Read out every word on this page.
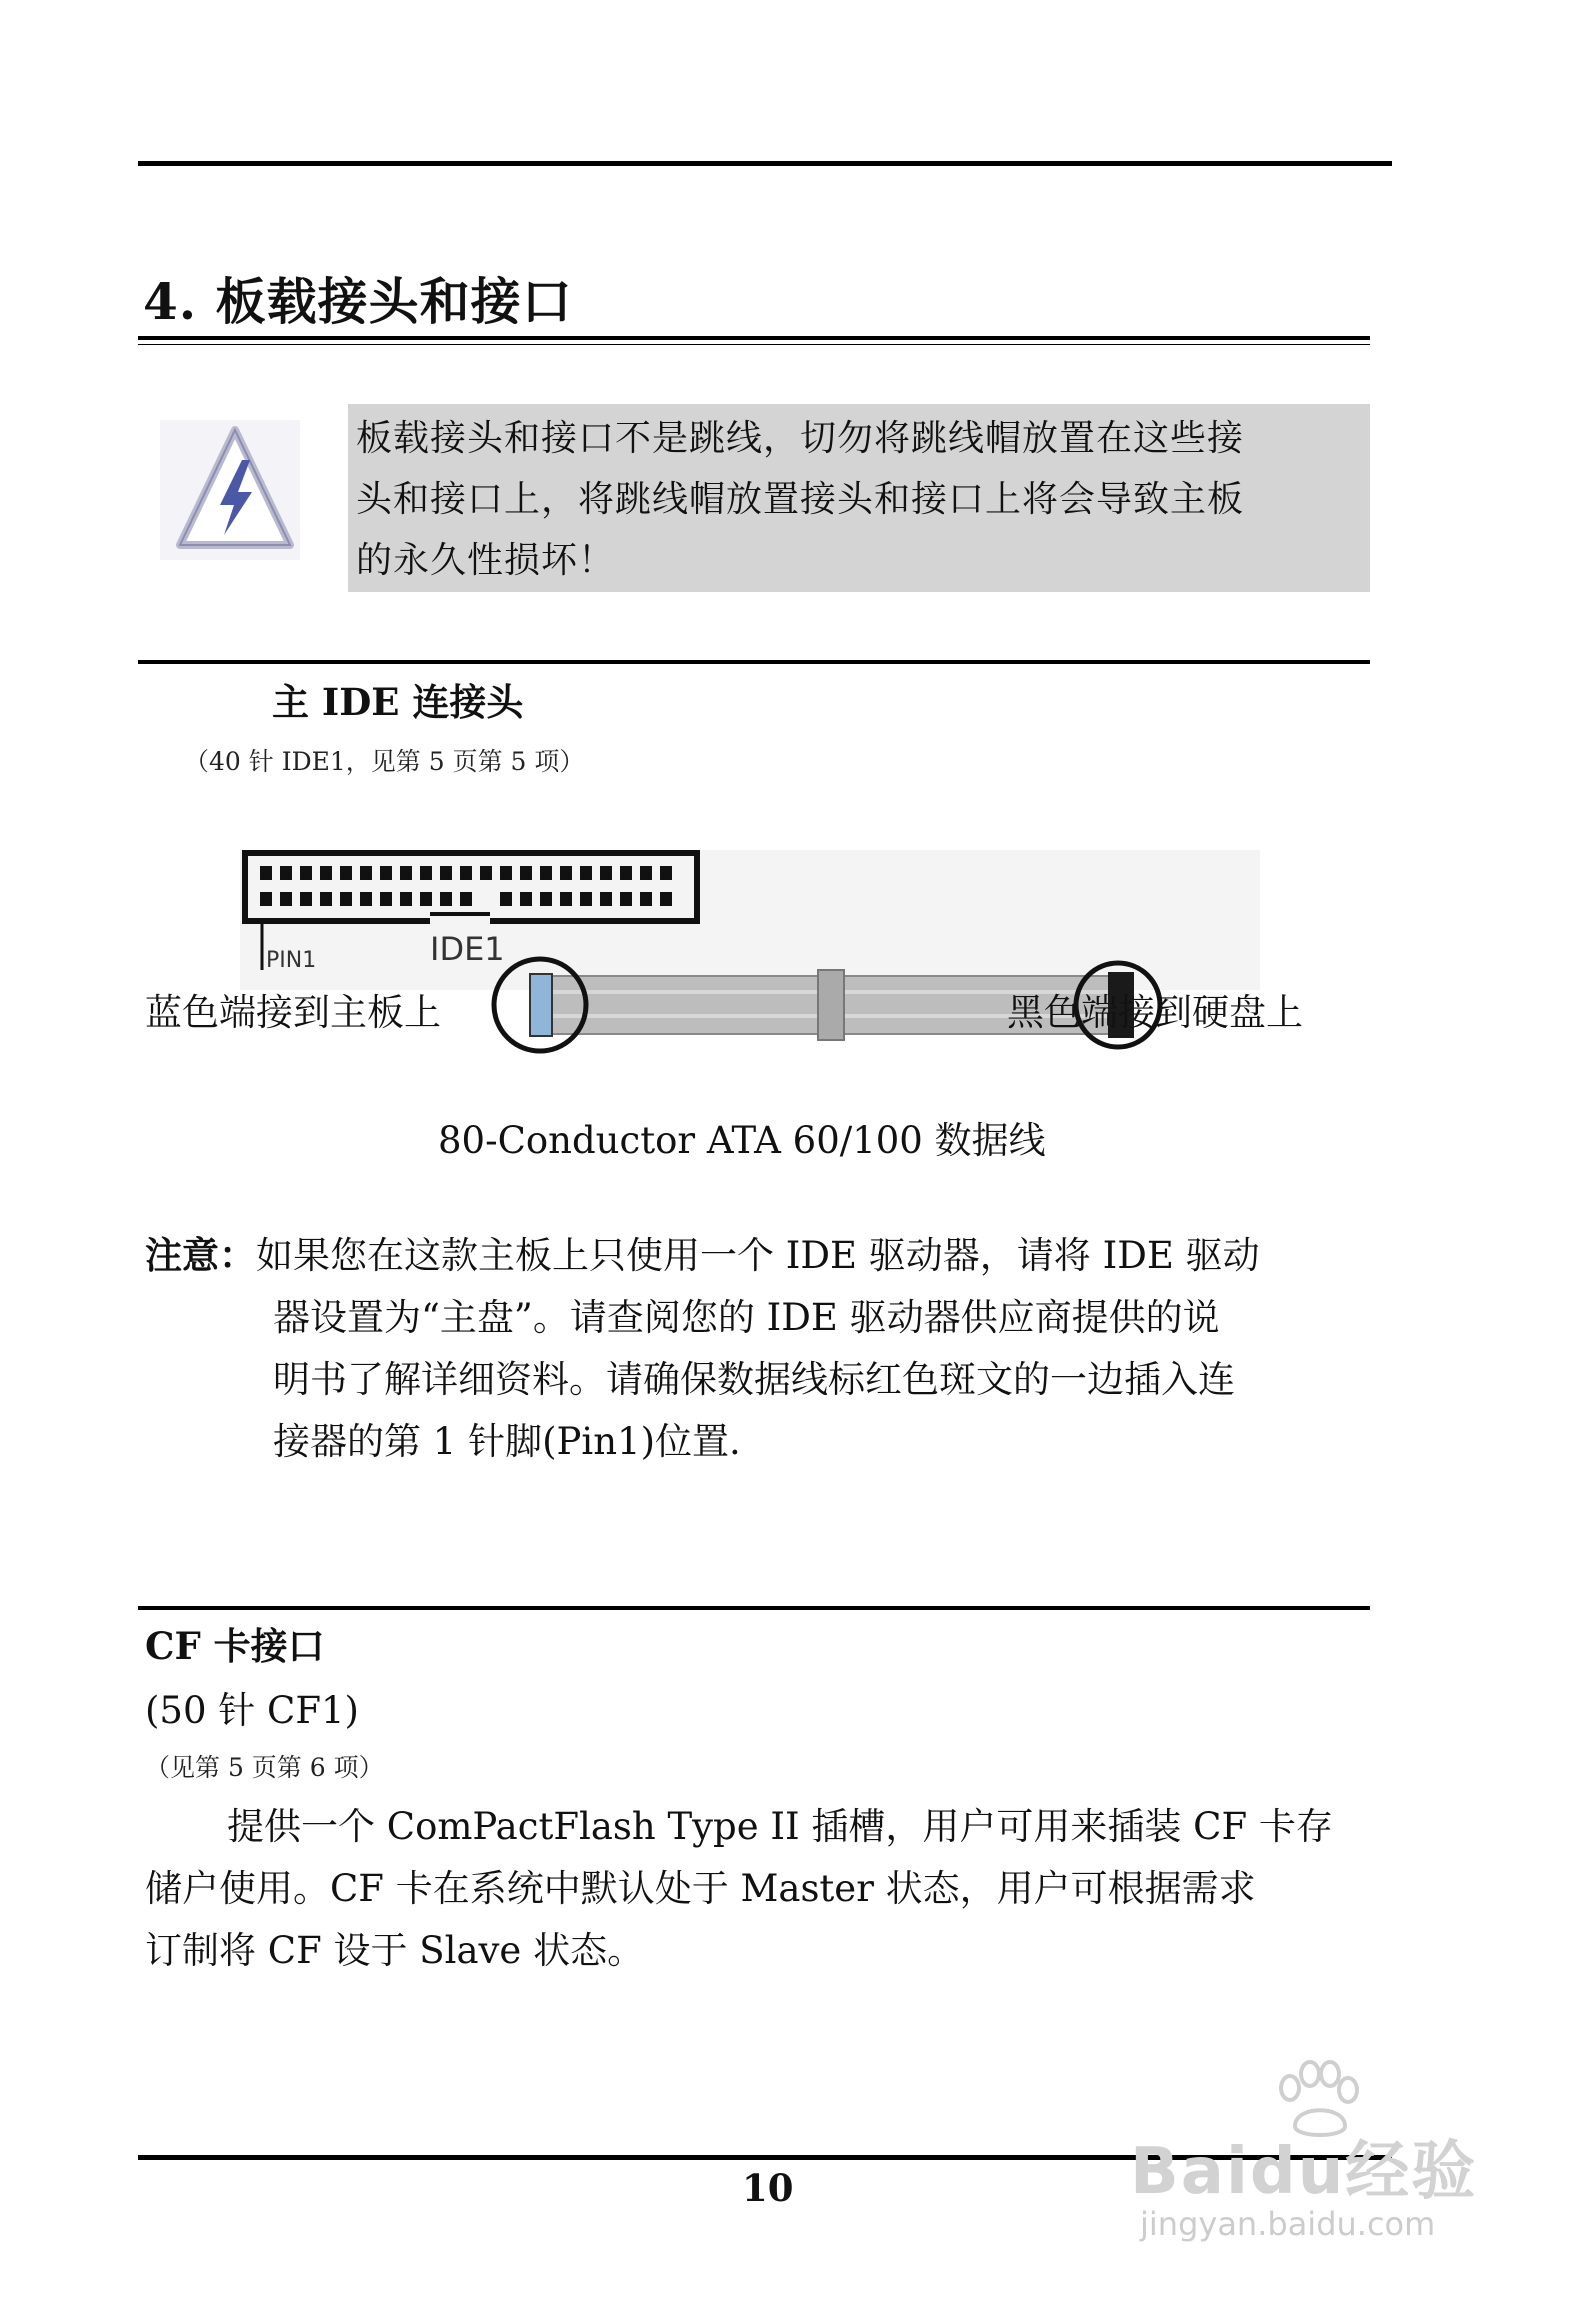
4. 板载接头和接口
板载接头和接口不是跳线，切勿将跳线帽放置在这些接
头和接口上，将跳线帽放置接头和接口上将会导致主板
的永久性损坏！
主 IDE 连接头
（40 针 IDE1，见第 5 页第 5 项）
PIN1	IDE1
蓝色端接到主板上	黑色端接到硬盘上
80-Conductor ATA 60/100 数据线
注意：如果您在这款主板上只使用一个 IDE 驱动器，请将 IDE 驱动
器设置为“主盘”。请查阅您的 IDE 驱动器供应商提供的说
明书了解详细资料。请确保数据线标红色斑文的一边插入连
接器的第 1 针脚(Pin1)位置.
CF 卡接口
(50 针 CF1)
（见第 5 页第 6 项）
提供一个 ComPactFlash Type II 插槽，用户可用来插装 CF 卡存
储户使用。CF 卡在系统中默认处于 Master 状态，用户可根据需求
订制将 CF 设于 Slave 状态。
10	Baidu经验
jingyan.baidu.com
